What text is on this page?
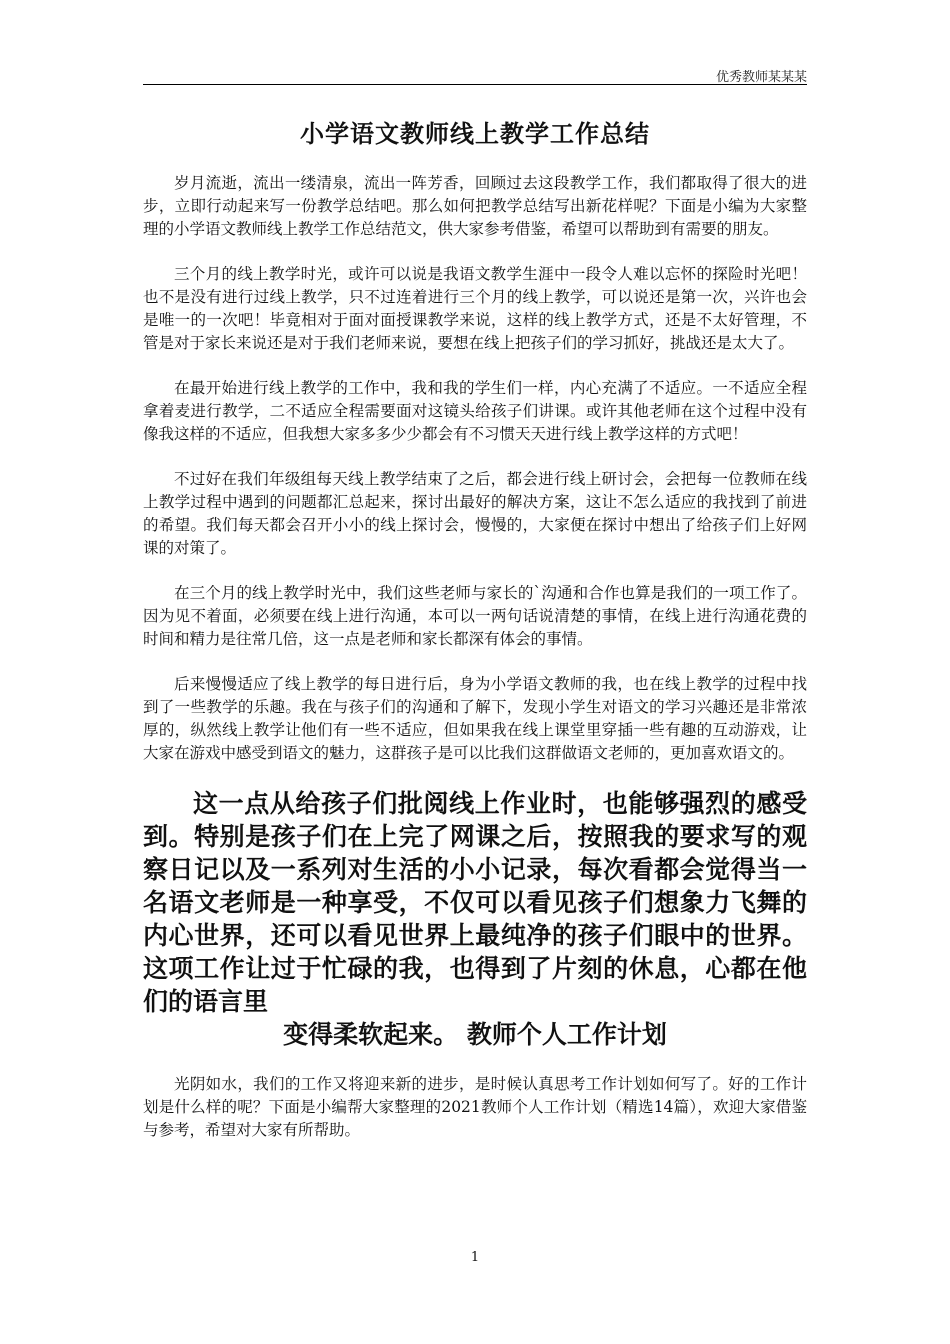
优秀教师某某某
小学语文教师线上教学工作总结

岁月流逝，流出一缕清泉，流出一阵芳香，回顾过去这段教学工作，我们都取得了很大的进步，立即行动起来写一份教学总结吧。那么如何把教学总结写出新花样呢？下面是小编为大家整理的小学语文教师线上教学工作总结范文，供大家参考借鉴，希望可以帮助到有需要的朋友。

三个月的线上教学时光，或许可以说是我语文教学生涯中一段令人难以忘怀的探险时光吧！也不是没有进行过线上教学，只不过连着进行三个月的线上教学，可以说还是第一次，兴许也会是唯一的一次吧！毕竟相对于面对面授课教学来说，这样的线上教学方式，还是不太好管理，不管是对于家长来说还是对于我们老师来说，要想在线上把孩子们的学习抓好，挑战还是太大了。

在最开始进行线上教学的工作中，我和我的学生们一样，内心充满了不适应。一不适应全程拿着麦进行教学，二不适应全程需要面对这镜头给孩子们讲课。或许其他老师在这个过程中没有像我这样的不适应，但我想大家多多少少都会有不习惯天天进行线上教学这样的方式吧！

不过好在我们年级组每天线上教学结束了之后，都会进行线上研讨会，会把每一位教师在线上教学过程中遇到的问题都汇总起来，探讨出最好的解决方案，这让不怎么适应的我找到了前进的希望。我们每天都会召开小小的线上探讨会，慢慢的，大家便在探讨中想出了给孩子们上好网课的对策了。

在三个月的线上教学时光中，我们这些老师与家长的`沟通和合作也算是我们的一项工作了。因为见不着面，必须要在线上进行沟通，本可以一两句话说清楚的事情，在线上进行沟通花费的时间和精力是往常几倍，这一点是老师和家长都深有体会的事情。

后来慢慢适应了线上教学的每日进行后，身为小学语文教师的我，也在线上教学的过程中找到了一些教学的乐趣。我在与孩子们的沟通和了解下，发现小学生对语文的学习兴趣还是非常浓厚的，纵然线上教学让他们有一些不适应，但如果我在线上课堂里穿插一些有趣的互动游戏，让大家在游戏中感受到语文的魅力，这群孩子是可以比我们这群做语文老师的，更加喜欢语文的。

这一点从给孩子们批阅线上作业时，也能够强烈的感受到。特别是孩子们在上完了网课之后，按照我的要求写的观察日记以及一系列对生活的小小记录，每次看都会觉得当一名语文老师是一种享受，不仅可以看见孩子们想象力飞舞的内心世界，还可以看见世界上最纯净的孩子们眼中的世界。这项工作让过于忙碌的我，也得到了片刻的休息，心都在他们的语言里
变得柔软起来。 教师个人工作计划

光阴如水，我们的工作又将迎来新的进步，是时候认真思考工作计划如何写了。好的工作计划是什么样的呢？下面是小编帮大家整理的2021教师个人工作计划（精选14篇），欢迎大家借鉴与参考，希望对大家有所帮助。

1
